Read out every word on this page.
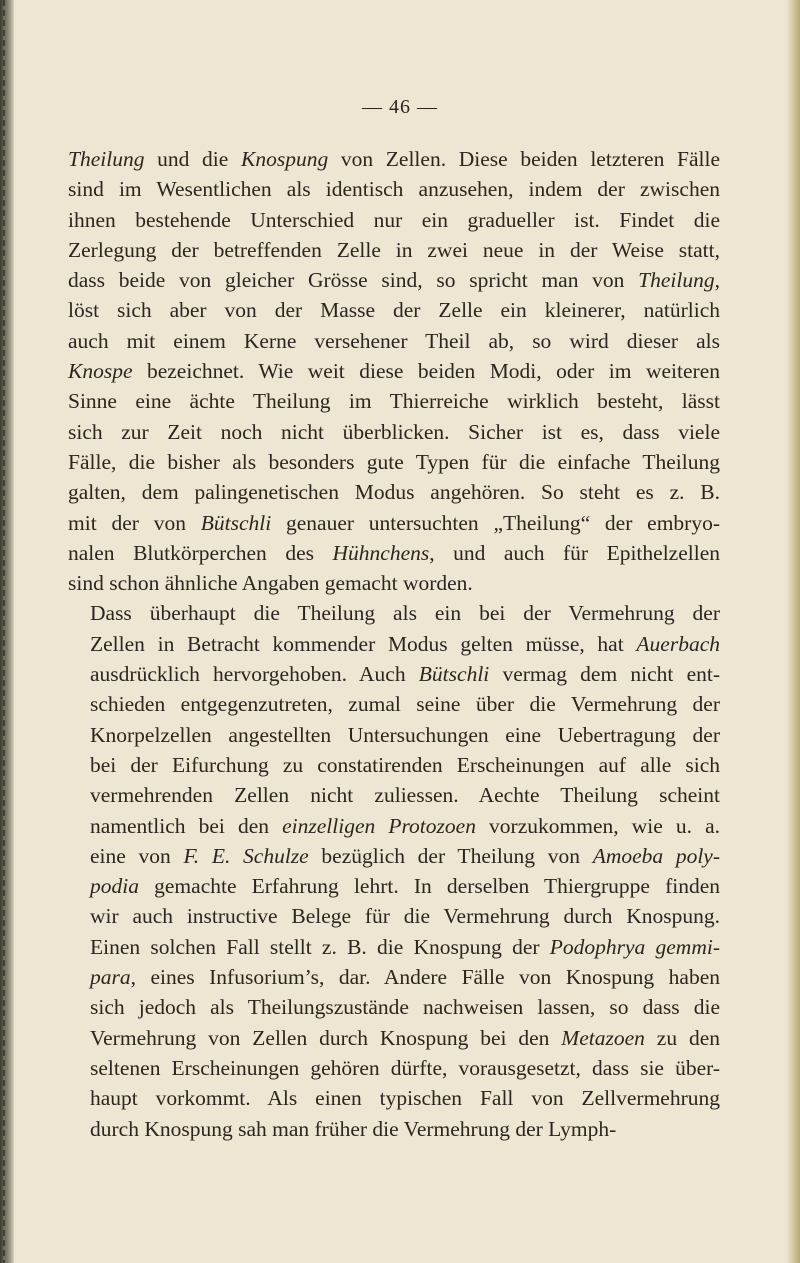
— 46 —

Theilung und die Knospung von Zellen. Diese beiden letzteren Fälle
sind im Wesentlichen als identisch anzusehen, indem der zwischen
ihnen bestehende Unterschied nur ein gradueller ist. Findet die
Zerlegung der betreffenden Zelle in zwei neue in der Weise statt,
dass beide von gleicher Grösse sind, so spricht man von Theilung,
löst sich aber von der Masse der Zelle ein kleinerer, natürlich
auch mit einem Kerne versehener Theil ab, so wird dieser als
Knospe bezeichnet. Wie weit diese beiden Modi, oder im weiteren
Sinne eine ächte Theilung im Thierreiche wirklich besteht, lässt
sich zur Zeit noch nicht überblicken. Sicher ist es, dass viele
Fälle, die bisher als besonders gute Typen für die einfache Theilung
galten, dem palingenetischen Modus angehören. So steht es z. B.
mit der von Bütschli genauer untersuchten „Theilung“ der embryo-
nalen Blutkörperchen des Hühnchens, und auch für Epithelzellen
sind schon ähnliche Angaben gemacht worden.

Dass überhaupt die Theilung als ein bei der Vermehrung der
Zellen in Betracht kommender Modus gelten müsse, hat Auerbach
ausdrücklich hervorgehoben. Auch Bütschli vermag dem nicht ent-
schieden entgegenzutreten, zumal seine über die Vermehrung der
Knorpelzellen angestellten Untersuchungen eine Uebertragung der
bei der Eifurchung zu constatirenden Erscheinungen auf alle sich
vermehrenden Zellen nicht zuliessen. Aechte Theilung scheint
namentlich bei den einzelligen Protozoen vorzukommen, wie u. a.
eine von F. E. Schulze bezüglich der Theilung von Amoeba poly-
podia gemachte Erfahrung lehrt. In derselben Thiergruppe finden
wir auch instructive Belege für die Vermehrung durch Knospung.
Einen solchen Fall stellt z. B. die Knospung der Podophrya gemmi-
para, eines Infusorium’s, dar. Andere Fälle von Knospung haben
sich jedoch als Theilungszustände nachweisen lassen, so dass die
Vermehrung von Zellen durch Knospung bei den Metazoen zu den
seltenen Erscheinungen gehören dürfte, vorausgesetzt, dass sie über-
haupt vorkommt. Als einen typischen Fall von Zellvermehrung
durch Knospung sah man früher die Vermehrung der Lymph-
